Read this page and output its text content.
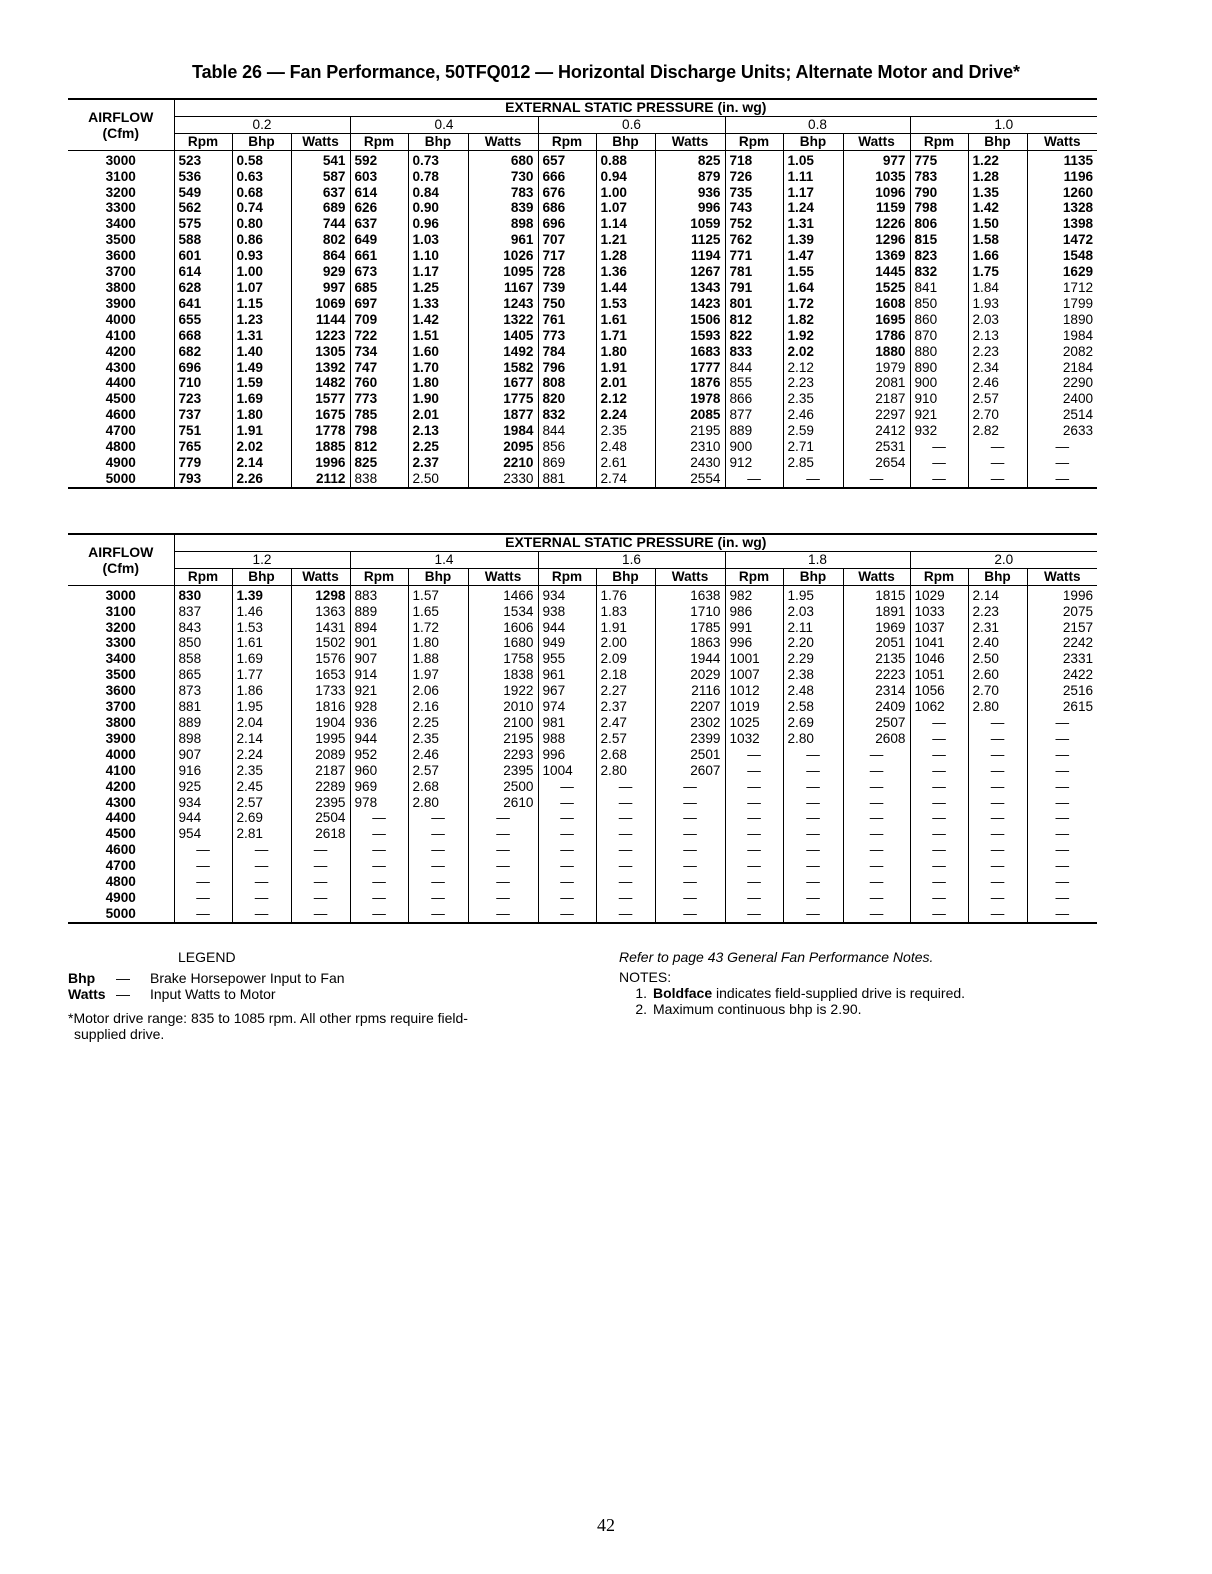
Table 26 — Fan Performance, 50TFQ012 — Horizontal Discharge Units; Alternate Motor and Drive*
AIRFLOW
(Cfm)	EXTERNAL STATIC PRESSURE (in. wg)														
	0.2			0.4			0.6			0.8			1.0		
	Rpm	Bhp	Watts	Rpm	Bhp	Watts	Rpm	Bhp	Watts	Rpm	Bhp	Watts	Rpm	Bhp	Watts
3000	523	0.58	541	592	0.73	680	657	0.88	825	718	1.05	977	775	1.22	1135
3100	536	0.63	587	603	0.78	730	666	0.94	879	726	1.11	1035	783	1.28	1196
3200	549	0.68	637	614	0.84	783	676	1.00	936	735	1.17	1096	790	1.35	1260
3300	562	0.74	689	626	0.90	839	686	1.07	996	743	1.24	1159	798	1.42	1328
3400	575	0.80	744	637	0.96	898	696	1.14	1059	752	1.31	1226	806	1.50	1398
3500	588	0.86	802	649	1.03	961	707	1.21	1125	762	1.39	1296	815	1.58	1472
3600	601	0.93	864	661	1.10	1026	717	1.28	1194	771	1.47	1369	823	1.66	1548
3700	614	1.00	929	673	1.17	1095	728	1.36	1267	781	1.55	1445	832	1.75	1629
3800	628	1.07	997	685	1.25	1167	739	1.44	1343	791	1.64	1525	841	1.84	1712
3900	641	1.15	1069	697	1.33	1243	750	1.53	1423	801	1.72	1608	850	1.93	1799
4000	655	1.23	1144	709	1.42	1322	761	1.61	1506	812	1.82	1695	860	2.03	1890
4100	668	1.31	1223	722	1.51	1405	773	1.71	1593	822	1.92	1786	870	2.13	1984
4200	682	1.40	1305	734	1.60	1492	784	1.80	1683	833	2.02	1880	880	2.23	2082
4300	696	1.49	1392	747	1.70	1582	796	1.91	1777	844	2.12	1979	890	2.34	2184
4400	710	1.59	1482	760	1.80	1677	808	2.01	1876	855	2.23	2081	900	2.46	2290
4500	723	1.69	1577	773	1.90	1775	820	2.12	1978	866	2.35	2187	910	2.57	2400
4600	737	1.80	1675	785	2.01	1877	832	2.24	2085	877	2.46	2297	921	2.70	2514
4700	751	1.91	1778	798	2.13	1984	844	2.35	2195	889	2.59	2412	932	2.82	2633
4800	765	2.02	1885	812	2.25	2095	856	2.48	2310	900	2.71	2531	—	—	—
4900	779	2.14	1996	825	2.37	2210	869	2.61	2430	912	2.85	2654	—	—	—
5000	793	2.26	2112	838	2.50	2330	881	2.74	2554	—	—	—	—	—	—
AIRFLOW
(Cfm)	EXTERNAL STATIC PRESSURE (in. wg)														
	1.2			1.4			1.6			1.8			2.0		
	Rpm	Bhp	Watts	Rpm	Bhp	Watts	Rpm	Bhp	Watts	Rpm	Bhp	Watts	Rpm	Bhp	Watts
3000	830	1.39	1298	883	1.57	1466	934	1.76	1638	982	1.95	1815	1029	2.14	1996
3100	837	1.46	1363	889	1.65	1534	938	1.83	1710	986	2.03	1891	1033	2.23	2075
3200	843	1.53	1431	894	1.72	1606	944	1.91	1785	991	2.11	1969	1037	2.31	2157
3300	850	1.61	1502	901	1.80	1680	949	2.00	1863	996	2.20	2051	1041	2.40	2242
3400	858	1.69	1576	907	1.88	1758	955	2.09	1944	1001	2.29	2135	1046	2.50	2331
3500	865	1.77	1653	914	1.97	1838	961	2.18	2029	1007	2.38	2223	1051	2.60	2422
3600	873	1.86	1733	921	2.06	1922	967	2.27	2116	1012	2.48	2314	1056	2.70	2516
3700	881	1.95	1816	928	2.16	2010	974	2.37	2207	1019	2.58	2409	1062	2.80	2615
3800	889	2.04	1904	936	2.25	2100	981	2.47	2302	1025	2.69	2507	—	—	—
3900	898	2.14	1995	944	2.35	2195	988	2.57	2399	1032	2.80	2608	—	—	—
4000	907	2.24	2089	952	2.46	2293	996	2.68	2501	—	—	—	—	—	—
4100	916	2.35	2187	960	2.57	2395	1004	2.80	2607	—	—	—	—	—	—
4200	925	2.45	2289	969	2.68	2500	—	—	—	—	—	—	—	—	—
4300	934	2.57	2395	978	2.80	2610	—	—	—	—	—	—	—	—	—
4400	944	2.69	2504	—	—	—	—	—	—	—	—	—	—	—	—
4500	954	2.81	2618	—	—	—	—	—	—	—	—	—	—	—	—
4600	—	—	—	—	—	—	—	—	—	—	—	—	—	—	—
4700	—	—	—	—	—	—	—	—	—	—	—	—	—	—	—
4800	—	—	—	—	—	—	—	—	—	—	—	—	—	—	—
4900	—	—	—	—	—	—	—	—	—	—	—	—	—	—	—
5000	—	—	—	—	—	—	—	—	—	—	—	—	—	—	—
LEGEND
Bhp — Brake Horsepower Input to Fan
Watts — Input Watts to Motor
*Motor drive range: 835 to 1085 rpm. All other rpms require field-
supplied drive.
Refer to page 43 General Fan Performance Notes.
NOTES:
1. Boldface indicates field-supplied drive is required.
2. Maximum continuous bhp is 2.90.
42
